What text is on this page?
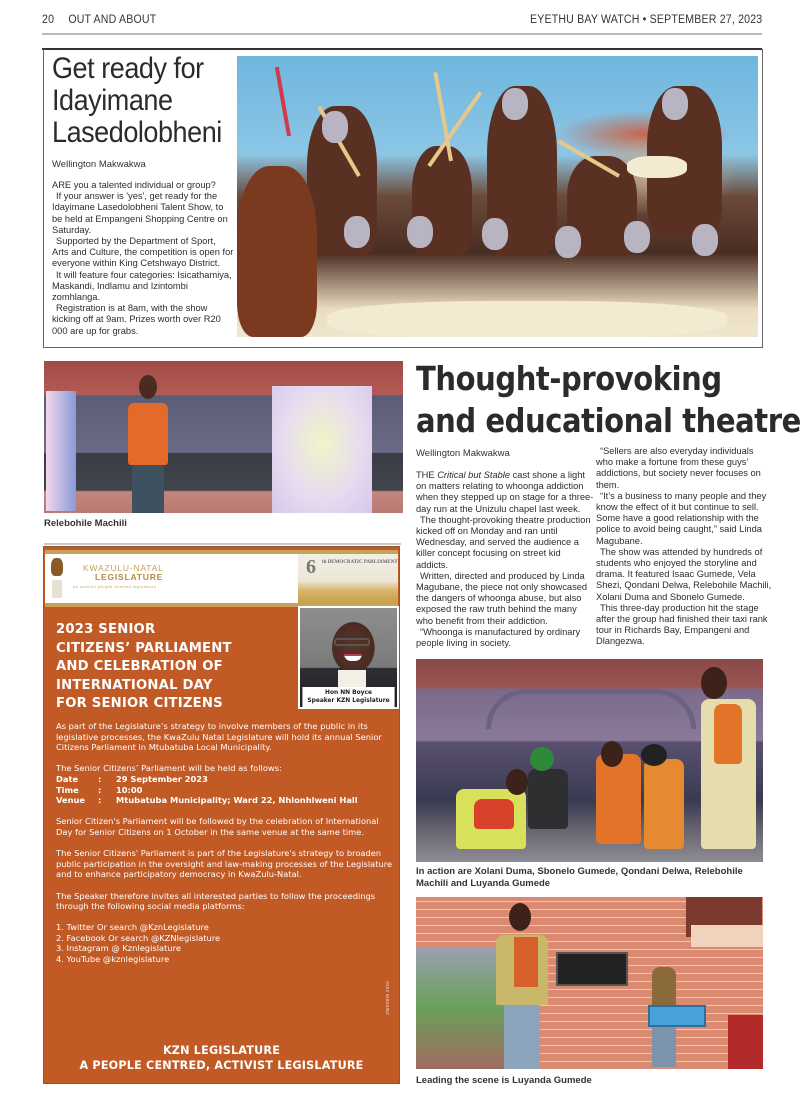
20 OUT AND ABOUT	EYETHU BAY WATCH • SEPTEMBER 27, 2023
Get ready for Idayimane Lasedolobheni
Wellington Makwakwa

ARE you a talented individual or group?

If your answer is 'yes', get ready for the Idayimane Lasedolobheni Talent Show, to be held at Empangeni Shopping Centre on Saturday.

Supported by the Department of Sport, Arts and Culture, the competition is open for everyone within King Cetshwayo District.

It will feature four categories: Isicathamiya, Maskandi, Indlamu and Izintombi zomhlanga.

Registration is at 8am, with the show kicking off at 9am. Prizes worth over R20 000 are up for grabs.

Relebohile Machili
KWAZULU-NATAL
LEGISLATURE
an activist people centred legislature
6 th DEMOCRATIC PARLIAMENT
2023 SENIOR
CITIZENS’ PARLIAMENT
AND CELEBRATION OF
INTERNATIONAL DAY
FOR SENIOR CITIZENS
Hon NN Boyce
Speaker KZN Legislature

As part of the Legislature’s strategy to involve members of the public in its legislative processes, the KwaZulu Natal Legislature will hold its annual Senior Citizens Parliament in Mtubatuba Local Municipality.

The Senior Citizens’ Parliament will be held as follows:
Date	:	29 September 2023
Time	:	10:00
Venue	:	Mtubatuba Municipality; Ward 22, Nhlonhlweni Hall

Senior Citizen's Parliament will be followed by the celebration of International Day for Senior Citizens on 1 October in the same venue at the same time.

The Senior Citizens' Parliament is part of the Legislature's strategy to broaden public participation in the oversight and law-making processes of the Legislature and to enhance participatory democracy in KwaZulu-Natal.

The Speaker therefore invites all interested parties to follow the proceedings through the following social media platforms:

1. Twitter Or search @KznLegislature
2. Facebook Or search @KZNlegislature
3. Instagram @ Kznlegislature
4. YouTube @kznlegislature
ZWE08W 2828
KZN LEGISLATURE
A PEOPLE CENTRED, ACTIVIST LEGISLATURE
Thought-provoking
and educational theatre
Wellington Makwakwa

THE Critical but Stable cast shone a light on matters relating to whoonga addiction when they stepped up on stage for a three-day run at the Unizulu chapel last week.

The thought-provoking theatre production kicked off on Monday and ran until Wednesday, and served the audience a killer concept focusing on street kid addicts.

Written, directed and produced by Linda Magubane, the piece not only showcased the dangers of whoonga abuse, but also exposed the raw truth behind the many who benefit from their addiction.

“Whoonga is manufactured by ordinary people living in society.

“Sellers are also everyday individuals who make a fortune from these guys’ addictions, but society never focuses on them.

“It’s a business to many people and they know the effect of it but continue to sell. Some have a good relationship with the police to avoid being caught,” said Linda Magubane.

The show was attended by hundreds of students who enjoyed the storyline and drama. It featured Isaac Gumede, Vela Shezi, Qondani Delwa, Relebohile Machili, Xolani Duma and Sbonelo Gumede.

This three-day production hit the stage after the group had finished their taxi rank tour in Richards Bay, Empangeni and Dlangezwa.

In action are Xolani Duma, Sbonelo Gumede, Qondani Delwa, Relebohile Machili and Luyanda Gumede
Leading the scene is Luyanda Gumede
